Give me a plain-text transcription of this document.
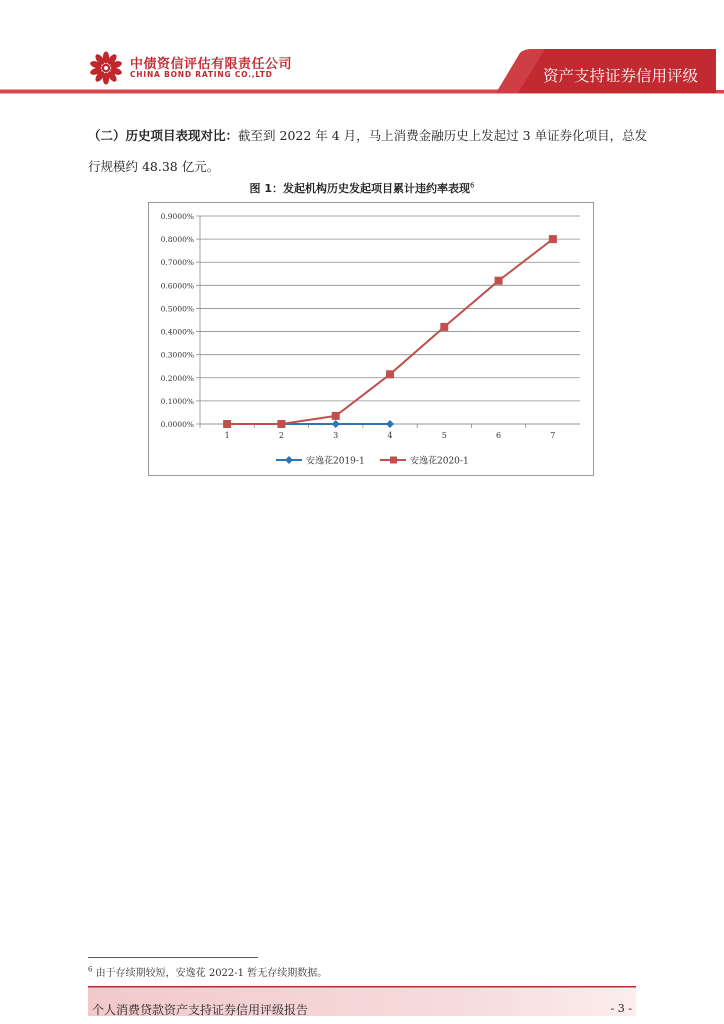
中债资信评估有限责任公司
CHINA BOND RATING CO.,LTD	资产支持证券信用评级
（二）历史项目表现对比：截至到 2022 年 4 月，马上消费金融历史上发起过 3 单证券化项目，总发行规模约 48.38 亿元。
图 1：发起机构历史发起项目累计违约率表现$^6$
0.0000%
0.1000%
0.2000%
0.3000%
0.4000%
0.5000%
0.6000%
0.7000%
0.8000%
0.9000%
1	2	3	4	5	6	7
安逸花2019-1	安逸花2020-1
$^6$ 由于存续期较短，安逸花 2022-1 暂无存续期数据。
个人消费贷款资产支持证券信用评级报告	- 3 -
